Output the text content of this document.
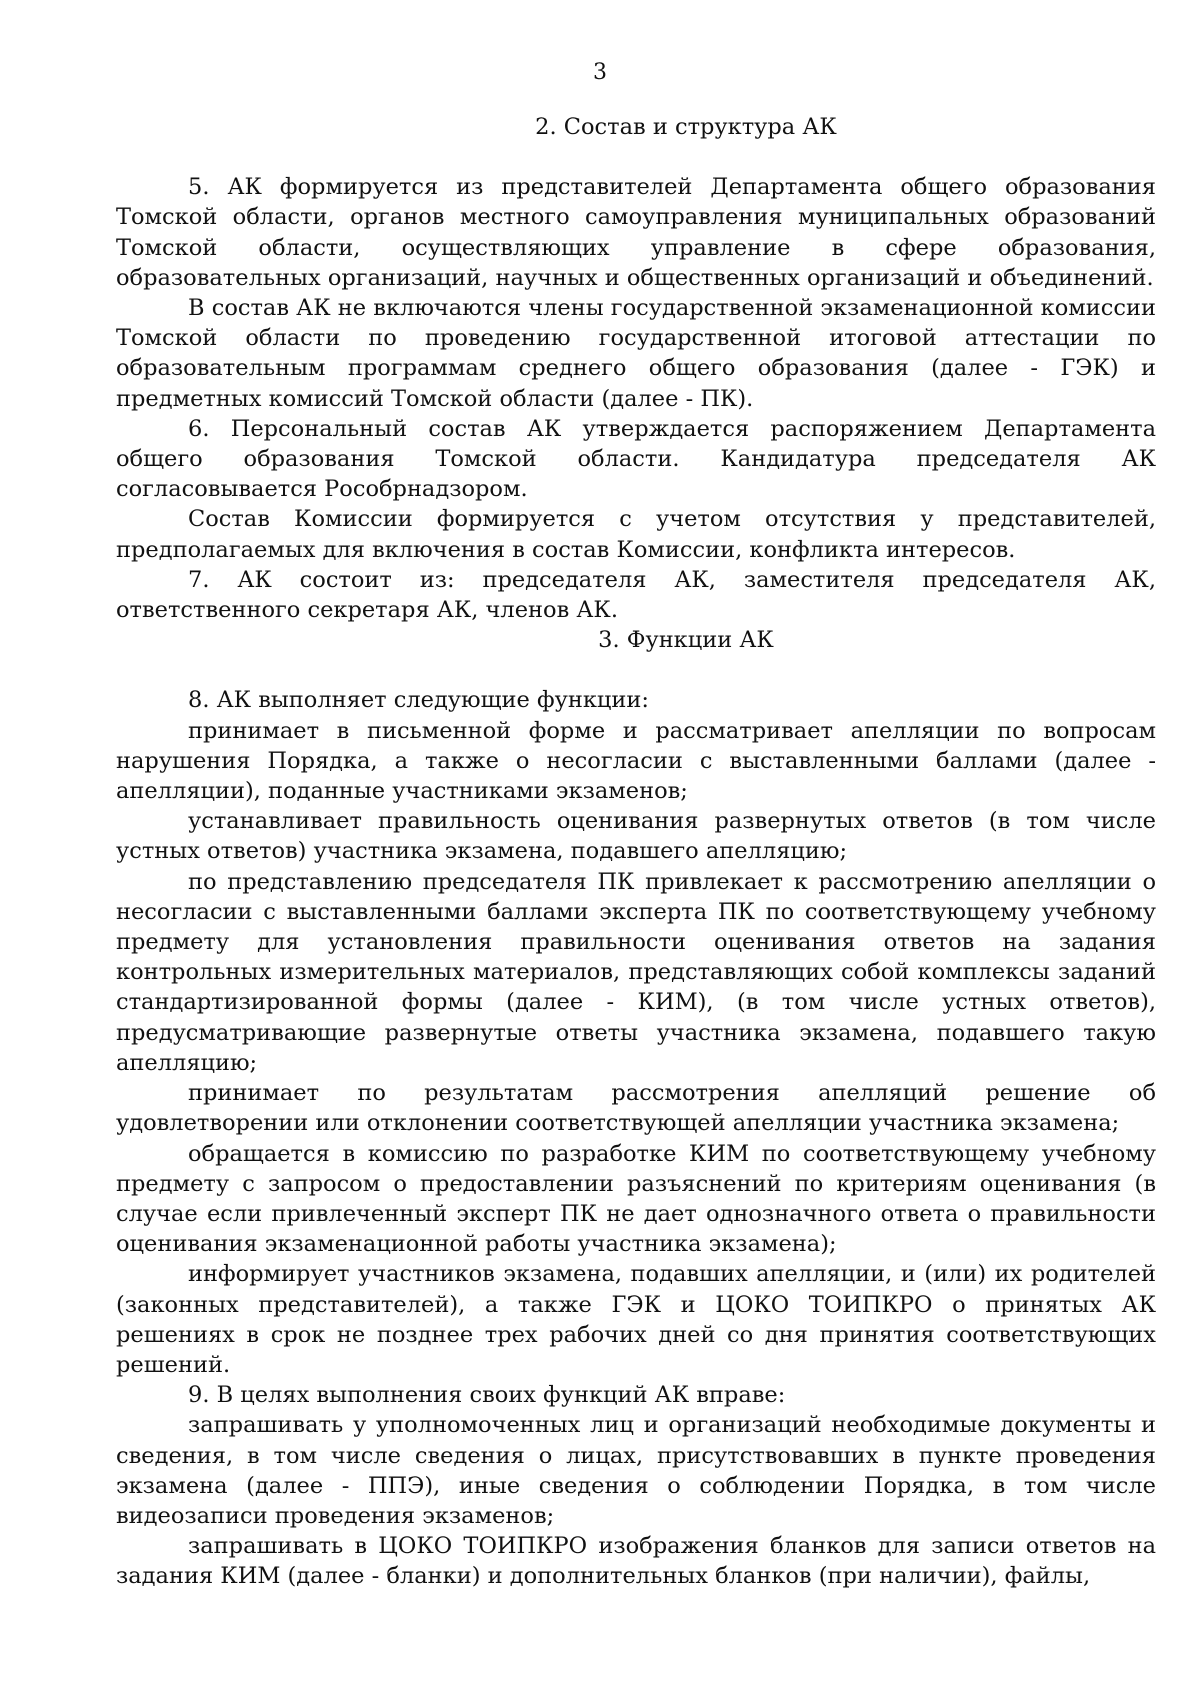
3
2. Состав и структура АК

5. АК формируется из представителей Департамента общего образования Томской области, органов местного самоуправления муниципальных образований Томской области, осуществляющих управление в сфере образования, образовательных организаций, научных и общественных организаций и объединений.

В состав АК не включаются члены государственной экзаменационной комиссии Томской области по проведению государственной итоговой аттестации по образовательным программам среднего общего образования (далее - ГЭК) и предметных комиссий Томской области (далее - ПК).

6. Персональный состав АК утверждается распоряжением Департамента общего образования Томской области. Кандидатура председателя АК согласовывается Рособрнадзором.

Состав Комиссии формируется с учетом отсутствия у представителей, предполагаемых для включения в состав Комиссии, конфликта интересов.

7. АК состоит из: председателя АК, заместителя председателя АК, ответственного секретаря АК, членов АК.

3. Функции АК

8. АК выполняет следующие функции:

принимает в письменной форме и рассматривает апелляции по вопросам нарушения Порядка, а также о несогласии с выставленными баллами (далее - апелляции), поданные участниками экзаменов;

устанавливает правильность оценивания развернутых ответов (в том числе устных ответов) участника экзамена, подавшего апелляцию;

по представлению председателя ПК привлекает к рассмотрению апелляции о несогласии с выставленными баллами эксперта ПК по соответствующему учебному предмету для установления правильности оценивания ответов на задания контрольных измерительных материалов, представляющих собой комплексы заданий стандартизированной формы (далее - КИМ), (в том числе устных ответов), предусматривающие развернутые ответы участника экзамена, подавшего такую апелляцию;

принимает по результатам рассмотрения апелляций решение об удовлетворении или отклонении соответствующей апелляции участника экзамена;

обращается в комиссию по разработке КИМ по соответствующему учебному предмету с запросом о предоставлении разъяснений по критериям оценивания (в случае если привлеченный эксперт ПК не дает однозначного ответа о правильности оценивания экзаменационной работы участника экзамена);

информирует участников экзамена, подавших апелляции, и (или) их родителей (законных представителей), а также ГЭК и ЦОКО ТОИПКРО о принятых АК решениях в срок не позднее трех рабочих дней со дня принятия соответствующих решений.

9. В целях выполнения своих функций АК вправе:

запрашивать у уполномоченных лиц и организаций необходимые документы и сведения, в том числе сведения о лицах, присутствовавших в пункте проведения экзамена (далее - ППЭ), иные сведения о соблюдении Порядка, в том числе видеозаписи проведения экзаменов;

запрашивать в ЦОКО ТОИПКРО изображения бланков для записи ответов на задания КИМ (далее - бланки) и дополнительных бланков (при наличии), файлы,
